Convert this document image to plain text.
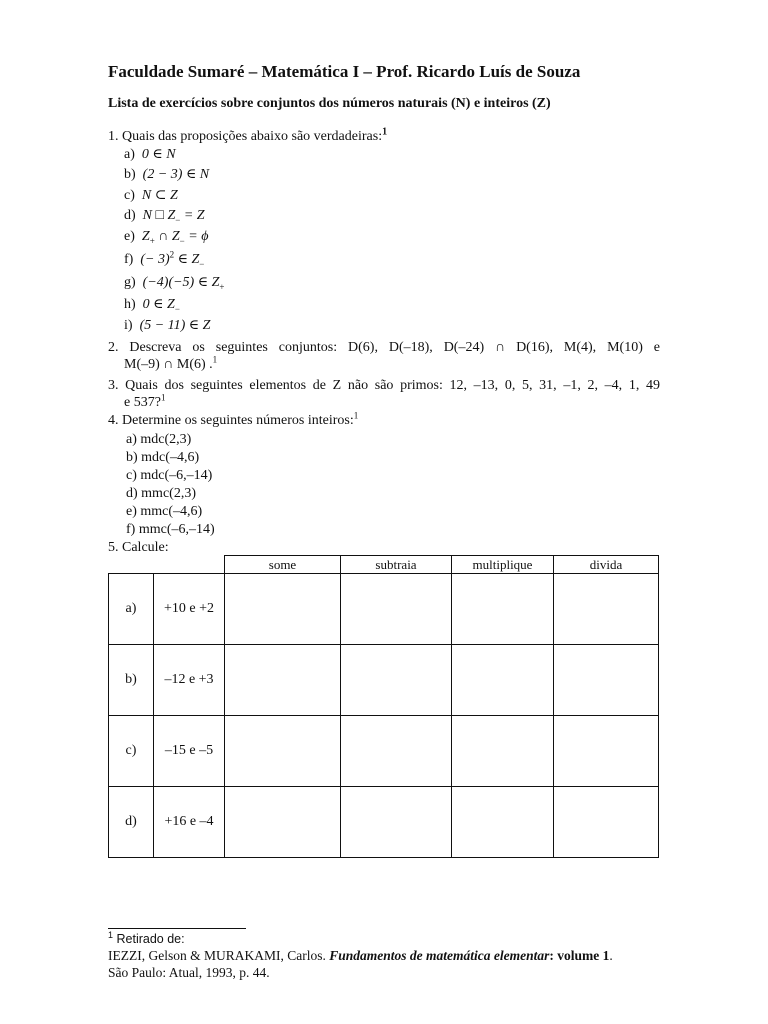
Faculdade Sumaré – Matemática I – Prof. Ricardo Luís de Souza
Lista de exercícios sobre conjuntos dos números naturais (N) e inteiros (Z)
1. Quais das proposições abaixo são verdadeiras:$^1$
a) 0 ∈ N
b) (2 − 3) ∈ N
c) N ⊂ Z
d) N □ $Z_- = Z$
e) $Z_+$ ∩ $Z_- = \phi$
f) (− 3)$^2$ ∈ $Z_-$
g) (−4)(−5) ∈ $Z_+$
h) 0 ∈ $Z_-$
i) (5 − 11) ∈ Z
2. Descreva os seguintes conjuntos: D(6), D(–18), D(–24) ∩ D(16), M(4), M(10) e
M(–9) ∩ M(6) .$^1$
3. Quais dos seguintes elementos de Z não são primos: 12, –13, 0, 5, 31, –1, 2, –4, 1, 49
e 537?$^1$
4. Determine os seguintes números inteiros:$^1$
a) mdc(2,3)
b) mdc(–4,6)
c) mdc(–6,–14)
d) mmc(2,3)
e) mmc(–4,6)
f) mmc(–6,–14)
5. Calcule:
		some	subtraia	multiplique	divida
a)	+10 e +2				
b)	–12 e +3				
c)	–15 e –5				
d)	+16 e –4				
$^1$ Retirado de:
IEZZI, Gelson & MURAKAMI, Carlos. Fundamentos de matemática elementar: volume 1.
São Paulo: Atual, 1993, p. 44.
